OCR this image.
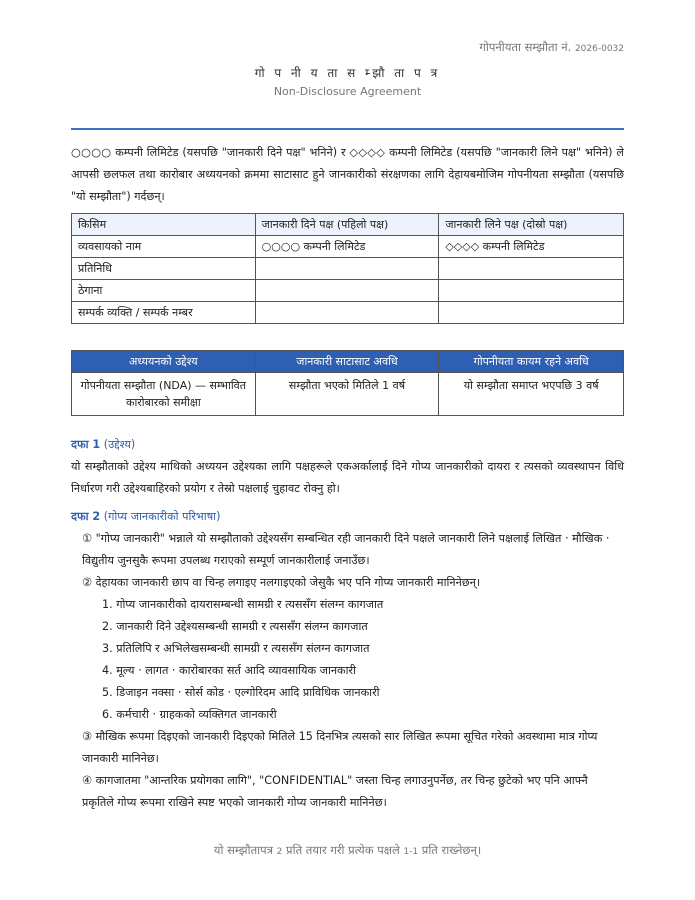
गोपनीयता सम्झौता नं. 2026-0032
गो प नी य ता स म्झौ ता प त्र
Non-Disclosure Agreement
○○○○ कम्पनी लिमिटेड (यसपछि "जानकारी दिने पक्ष" भनिने) र ◇◇◇◇ कम्पनी लिमिटेड (यसपछि "जानकारी लिने पक्ष" भनिने) ले आपसी छलफल तथा कारोबार अध्ययनको क्रममा साटासाट हुने जानकारीको संरक्षणका लागि देहायबमोजिम गोपनीयता सम्झौता (यसपछि "यो सम्झौता") गर्दछन्।
किसिम	जानकारी दिने पक्ष (पहिलो पक्ष)	जानकारी लिने पक्ष (दोस्रो पक्ष)
व्यवसायको नाम	○○○○ कम्पनी लिमिटेड	◇◇◇◇ कम्पनी लिमिटेड
प्रतिनिधि		
ठेगाना		
सम्पर्क व्यक्ति / सम्पर्क नम्बर		
अध्ययनको उद्देश्य	जानकारी साटासाट अवधि	गोपनीयता कायम रहने अवधि
गोपनीयता सम्झौता (NDA) — सम्भावित कारोबारको समीक्षा	सम्झौता भएको मितिले 1 वर्ष	यो सम्झौता समाप्त भएपछि 3 वर्ष
दफा 1 (उद्देश्य)
यो सम्झौताको उद्देश्य माथिको अध्ययन उद्देश्यका लागि पक्षहरूले एकअर्कालाई दिने गोप्य जानकारीको दायरा र त्यसको व्यवस्थापन विधि निर्धारण गरी उद्देश्यबाहिरको प्रयोग र तेस्रो पक्षलाई चुहावट रोक्नु हो।
दफा 2 (गोप्य जानकारीको परिभाषा)
① "गोप्य जानकारी" भन्नाले यो सम्झौताको उद्देश्यसँग सम्बन्धित रही जानकारी दिने पक्षले जानकारी लिने पक्षलाई लिखित · मौखिक · विद्युतीय जुनसुकै रूपमा उपलब्ध गराएको सम्पूर्ण जानकारीलाई जनाउँछ।
② देहायका जानकारी छाप वा चिन्ह लगाइए नलगाइएको जेसुकै भए पनि गोप्य जानकारी मानिनेछन्।
1. गोप्य जानकारीको दायरासम्बन्धी सामग्री र त्यससँग संलग्न कागजात
2. जानकारी दिने उद्देश्यसम्बन्धी सामग्री र त्यससँग संलग्न कागजात
3. प्रतिलिपि र अभिलेखसम्बन्धी सामग्री र त्यससँग संलग्न कागजात
4. मूल्य · लागत · कारोबारका सर्त आदि व्यावसायिक जानकारी
5. डिजाइन नक्सा · सोर्स कोड · एल्गोरिदम आदि प्राविधिक जानकारी
6. कर्मचारी · ग्राहकको व्यक्तिगत जानकारी
③ मौखिक रूपमा दिइएको जानकारी दिइएको मितिले 15 दिनभित्र त्यसको सार लिखित रूपमा सूचित गरेको अवस्थामा मात्र गोप्य जानकारी मानिनेछ।
④ कागजातमा "आन्तरिक प्रयोगका लागि", "CONFIDENTIAL" जस्ता चिन्ह लगाउनुपर्नेछ, तर चिन्ह छुटेको भए पनि आफ्नै प्रकृतिले गोप्य रूपमा राखिने स्पष्ट भएको जानकारी गोप्य जानकारी मानिनेछ।
यो सम्झौतापत्र 2 प्रति तयार गरी प्रत्येक पक्षले 1-1 प्रति राख्नेछन्।
